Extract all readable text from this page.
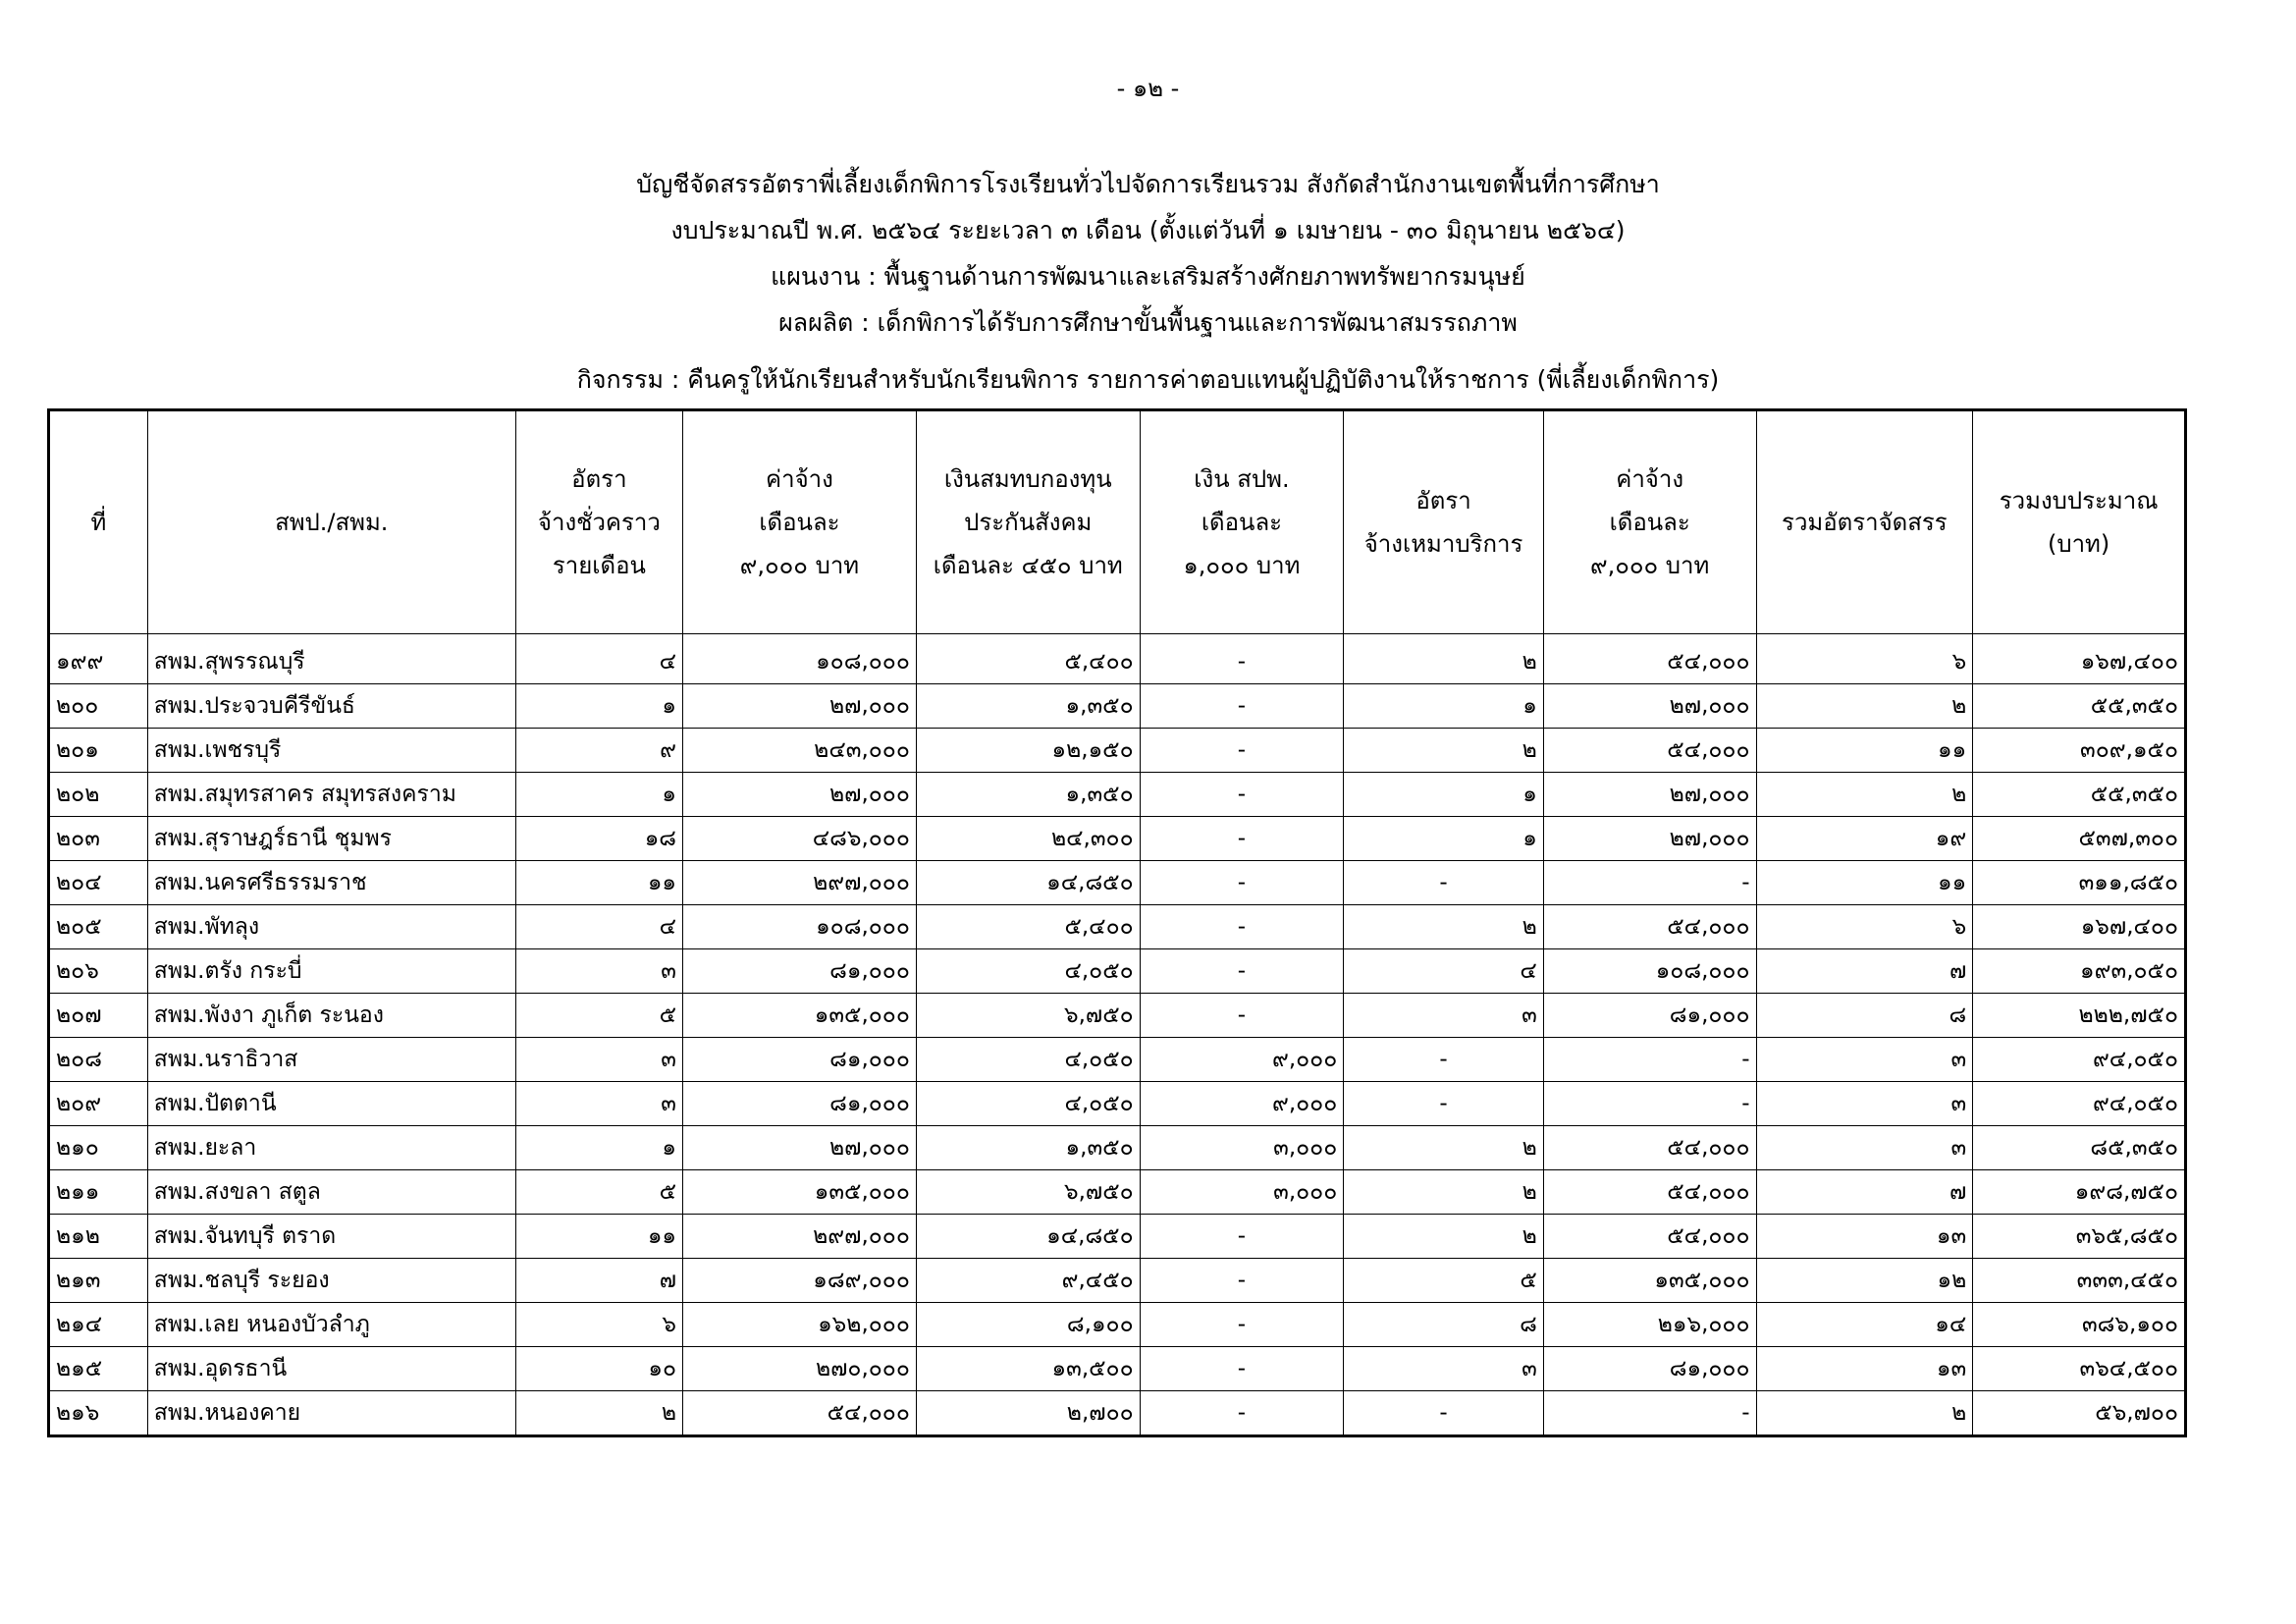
- ๑๒ -
บัญชีจัดสรรอัตราพี่เลี้ยงเด็กพิการโรงเรียนทั่วไปจัดการเรียนรวม สังกัดสำนักงานเขตพื้นที่การศึกษา
งบประมาณปี พ.ศ. ๒๕๖๔ ระยะเวลา ๓ เดือน (ตั้งแต่วันที่ ๑ เมษายน - ๓๐ มิถุนายน ๒๕๖๔)
แผนงาน : พื้นฐานด้านการพัฒนาและเสริมสร้างศักยภาพทรัพยากรมนุษย์
ผลผลิต : เด็กพิการได้รับการศึกษาขั้นพื้นฐานและการพัฒนาสมรรถภาพ
กิจกรรม : คืนครูให้นักเรียนสำหรับนักเรียนพิการ รายการค่าตอบแทนผู้ปฏิบัติงานให้ราชการ (พี่เลี้ยงเด็กพิการ)
ที่	สพป./สพม.	อัตรา
จ้างชั่วคราว
รายเดือน	ค่าจ้าง
เดือนละ
๙,๐๐๐ บาท	เงินสมทบกองทุน
ประกันสังคม
เดือนละ ๔๕๐ บาท	เงิน สปพ.
เดือนละ
๑,๐๐๐ บาท	อัตรา
จ้างเหมาบริการ	ค่าจ้าง
เดือนละ
๙,๐๐๐ บาท	รวมอัตราจัดสรร	รวมงบประมาณ
(บาท)
๑๙๙	สพม.สุพรรณบุรี	๔	๑๐๘,๐๐๐	๕,๔๐๐	-	๒	๕๔,๐๐๐	๖	๑๖๗,๔๐๐
๒๐๐	สพม.ประจวบคีรีขันธ์	๑	๒๗,๐๐๐	๑,๓๕๐	-	๑	๒๗,๐๐๐	๒	๕๕,๓๕๐
๒๐๑	สพม.เพชรบุรี	๙	๒๔๓,๐๐๐	๑๒,๑๕๐	-	๒	๕๔,๐๐๐	๑๑	๓๐๙,๑๕๐
๒๐๒	สพม.สมุทรสาคร สมุทรสงคราม	๑	๒๗,๐๐๐	๑,๓๕๐	-	๑	๒๗,๐๐๐	๒	๕๕,๓๕๐
๒๐๓	สพม.สุราษฎร์ธานี ชุมพร	๑๘	๔๘๖,๐๐๐	๒๔,๓๐๐	-	๑	๒๗,๐๐๐	๑๙	๕๓๗,๓๐๐
๒๐๔	สพม.นครศรีธรรมราช	๑๑	๒๙๗,๐๐๐	๑๔,๘๕๐	-	-	-	๑๑	๓๑๑,๘๕๐
๒๐๕	สพม.พัทลุง	๔	๑๐๘,๐๐๐	๕,๔๐๐	-	๒	๕๔,๐๐๐	๖	๑๖๗,๔๐๐
๒๐๖	สพม.ตรัง กระบี่	๓	๘๑,๐๐๐	๔,๐๕๐	-	๔	๑๐๘,๐๐๐	๗	๑๙๓,๐๕๐
๒๐๗	สพม.พังงา ภูเก็ต ระนอง	๕	๑๓๕,๐๐๐	๖,๗๕๐	-	๓	๘๑,๐๐๐	๘	๒๒๒,๗๕๐
๒๐๘	สพม.นราธิวาส	๓	๘๑,๐๐๐	๔,๐๕๐	๙,๐๐๐	-	-	๓	๙๔,๐๕๐
๒๐๙	สพม.ปัตตานี	๓	๘๑,๐๐๐	๔,๐๕๐	๙,๐๐๐	-	-	๓	๙๔,๐๕๐
๒๑๐	สพม.ยะลา	๑	๒๗,๐๐๐	๑,๓๕๐	๓,๐๐๐	๒	๕๔,๐๐๐	๓	๘๕,๓๕๐
๒๑๑	สพม.สงขลา สตูล	๕	๑๓๕,๐๐๐	๖,๗๕๐	๓,๐๐๐	๒	๕๔,๐๐๐	๗	๑๙๘,๗๕๐
๒๑๒	สพม.จันทบุรี ตราด	๑๑	๒๙๗,๐๐๐	๑๔,๘๕๐	-	๒	๕๔,๐๐๐	๑๓	๓๖๕,๘๕๐
๒๑๓	สพม.ชลบุรี ระยอง	๗	๑๘๙,๐๐๐	๙,๔๕๐	-	๕	๑๓๕,๐๐๐	๑๒	๓๓๓,๔๕๐
๒๑๔	สพม.เลย หนองบัวลำภู	๖	๑๖๒,๐๐๐	๘,๑๐๐	-	๘	๒๑๖,๐๐๐	๑๔	๓๘๖,๑๐๐
๒๑๕	สพม.อุดรธานี	๑๐	๒๗๐,๐๐๐	๑๓,๕๐๐	-	๓	๘๑,๐๐๐	๑๓	๓๖๔,๕๐๐
๒๑๖	สพม.หนองคาย	๒	๕๔,๐๐๐	๒,๗๐๐	-	-	-	๒	๕๖,๗๐๐
